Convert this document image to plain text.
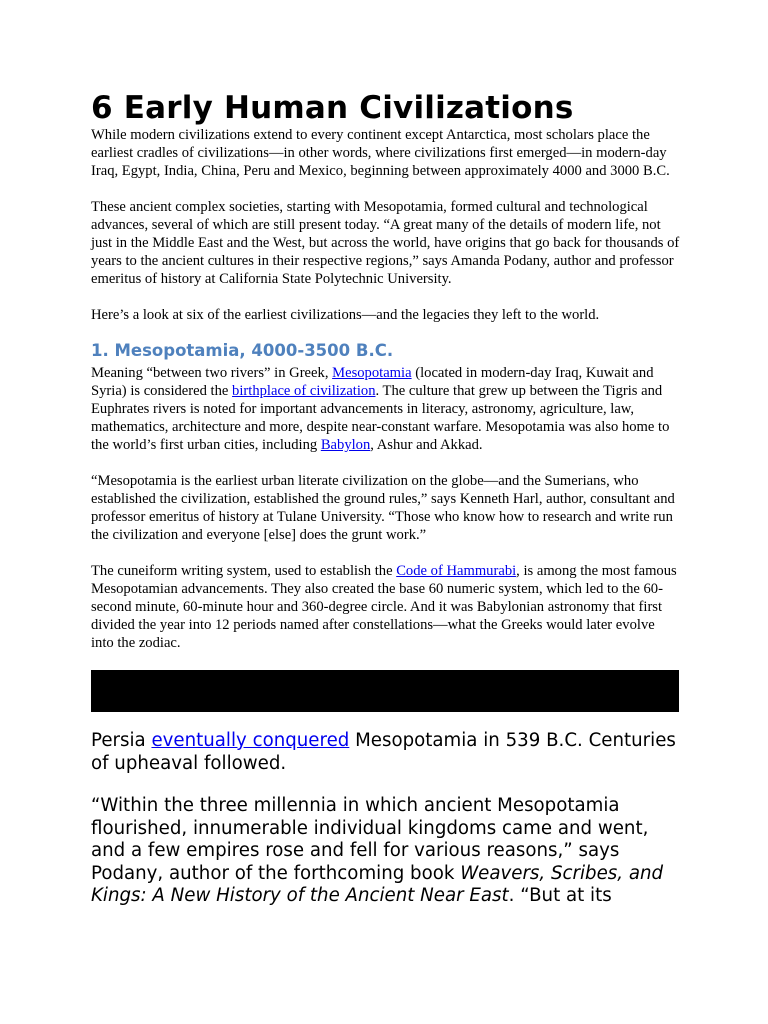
6 Early Human Civilizations

While modern civilizations extend to every continent except Antarctica, most scholars place the earliest cradles of civilizations—in other words, where civilizations first emerged—in modern-day Iraq, Egypt, India, China, Peru and Mexico, beginning between approximately 4000 and 3000 B.C.

These ancient complex societies, starting with Mesopotamia, formed cultural and technological advances, several of which are still present today. “A great many of the details of modern life, not just in the Middle East and the West, but across the world, have origins that go back for thousands of years to the ancient cultures in their respective regions,” says Amanda Podany, author and professor emeritus of history at California State Polytechnic University.

Here’s a look at six of the earliest civilizations—and the legacies they left to the world.

1. Mesopotamia, 4000-3500 B.C.

Meaning “between two rivers” in Greek, Mesopotamia (located in modern-day Iraq, Kuwait and Syria) is considered the birthplace of civilization. The culture that grew up between the Tigris and Euphrates rivers is noted for important advancements in literacy, astronomy, agriculture, law, mathematics, architecture and more, despite near-constant warfare. Mesopotamia was also home to the world’s first urban cities, including Babylon, Ashur and Akkad.

“Mesopotamia is the earliest urban literate civilization on the globe—and the Sumerians, who established the civilization, established the ground rules,” says Kenneth Harl, author, consultant and professor emeritus of history at Tulane University. “Those who know how to research and write run the civilization and everyone [else] does the grunt work.”

The cuneiform writing system, used to establish the Code of Hammurabi, is among the most famous Mesopotamian advancements. They also created the base 60 numeric system, which led to the 60-second minute, 60-minute hour and 360-degree circle. And it was Babylonian astronomy that first divided the year into 12 periods named after constellations—what the Greeks would later evolve into the zodiac.

Persia eventually conquered Mesopotamia in 539 B.C. Centuries of upheaval followed.

“Within the three millennia in which ancient Mesopotamia flourished, innumerable individual kingdoms came and went, and a few empires rose and fell for various reasons,” says Podany, author of the forthcoming book Weavers, Scribes, and Kings: A New History of the Ancient Near East. “But at its
